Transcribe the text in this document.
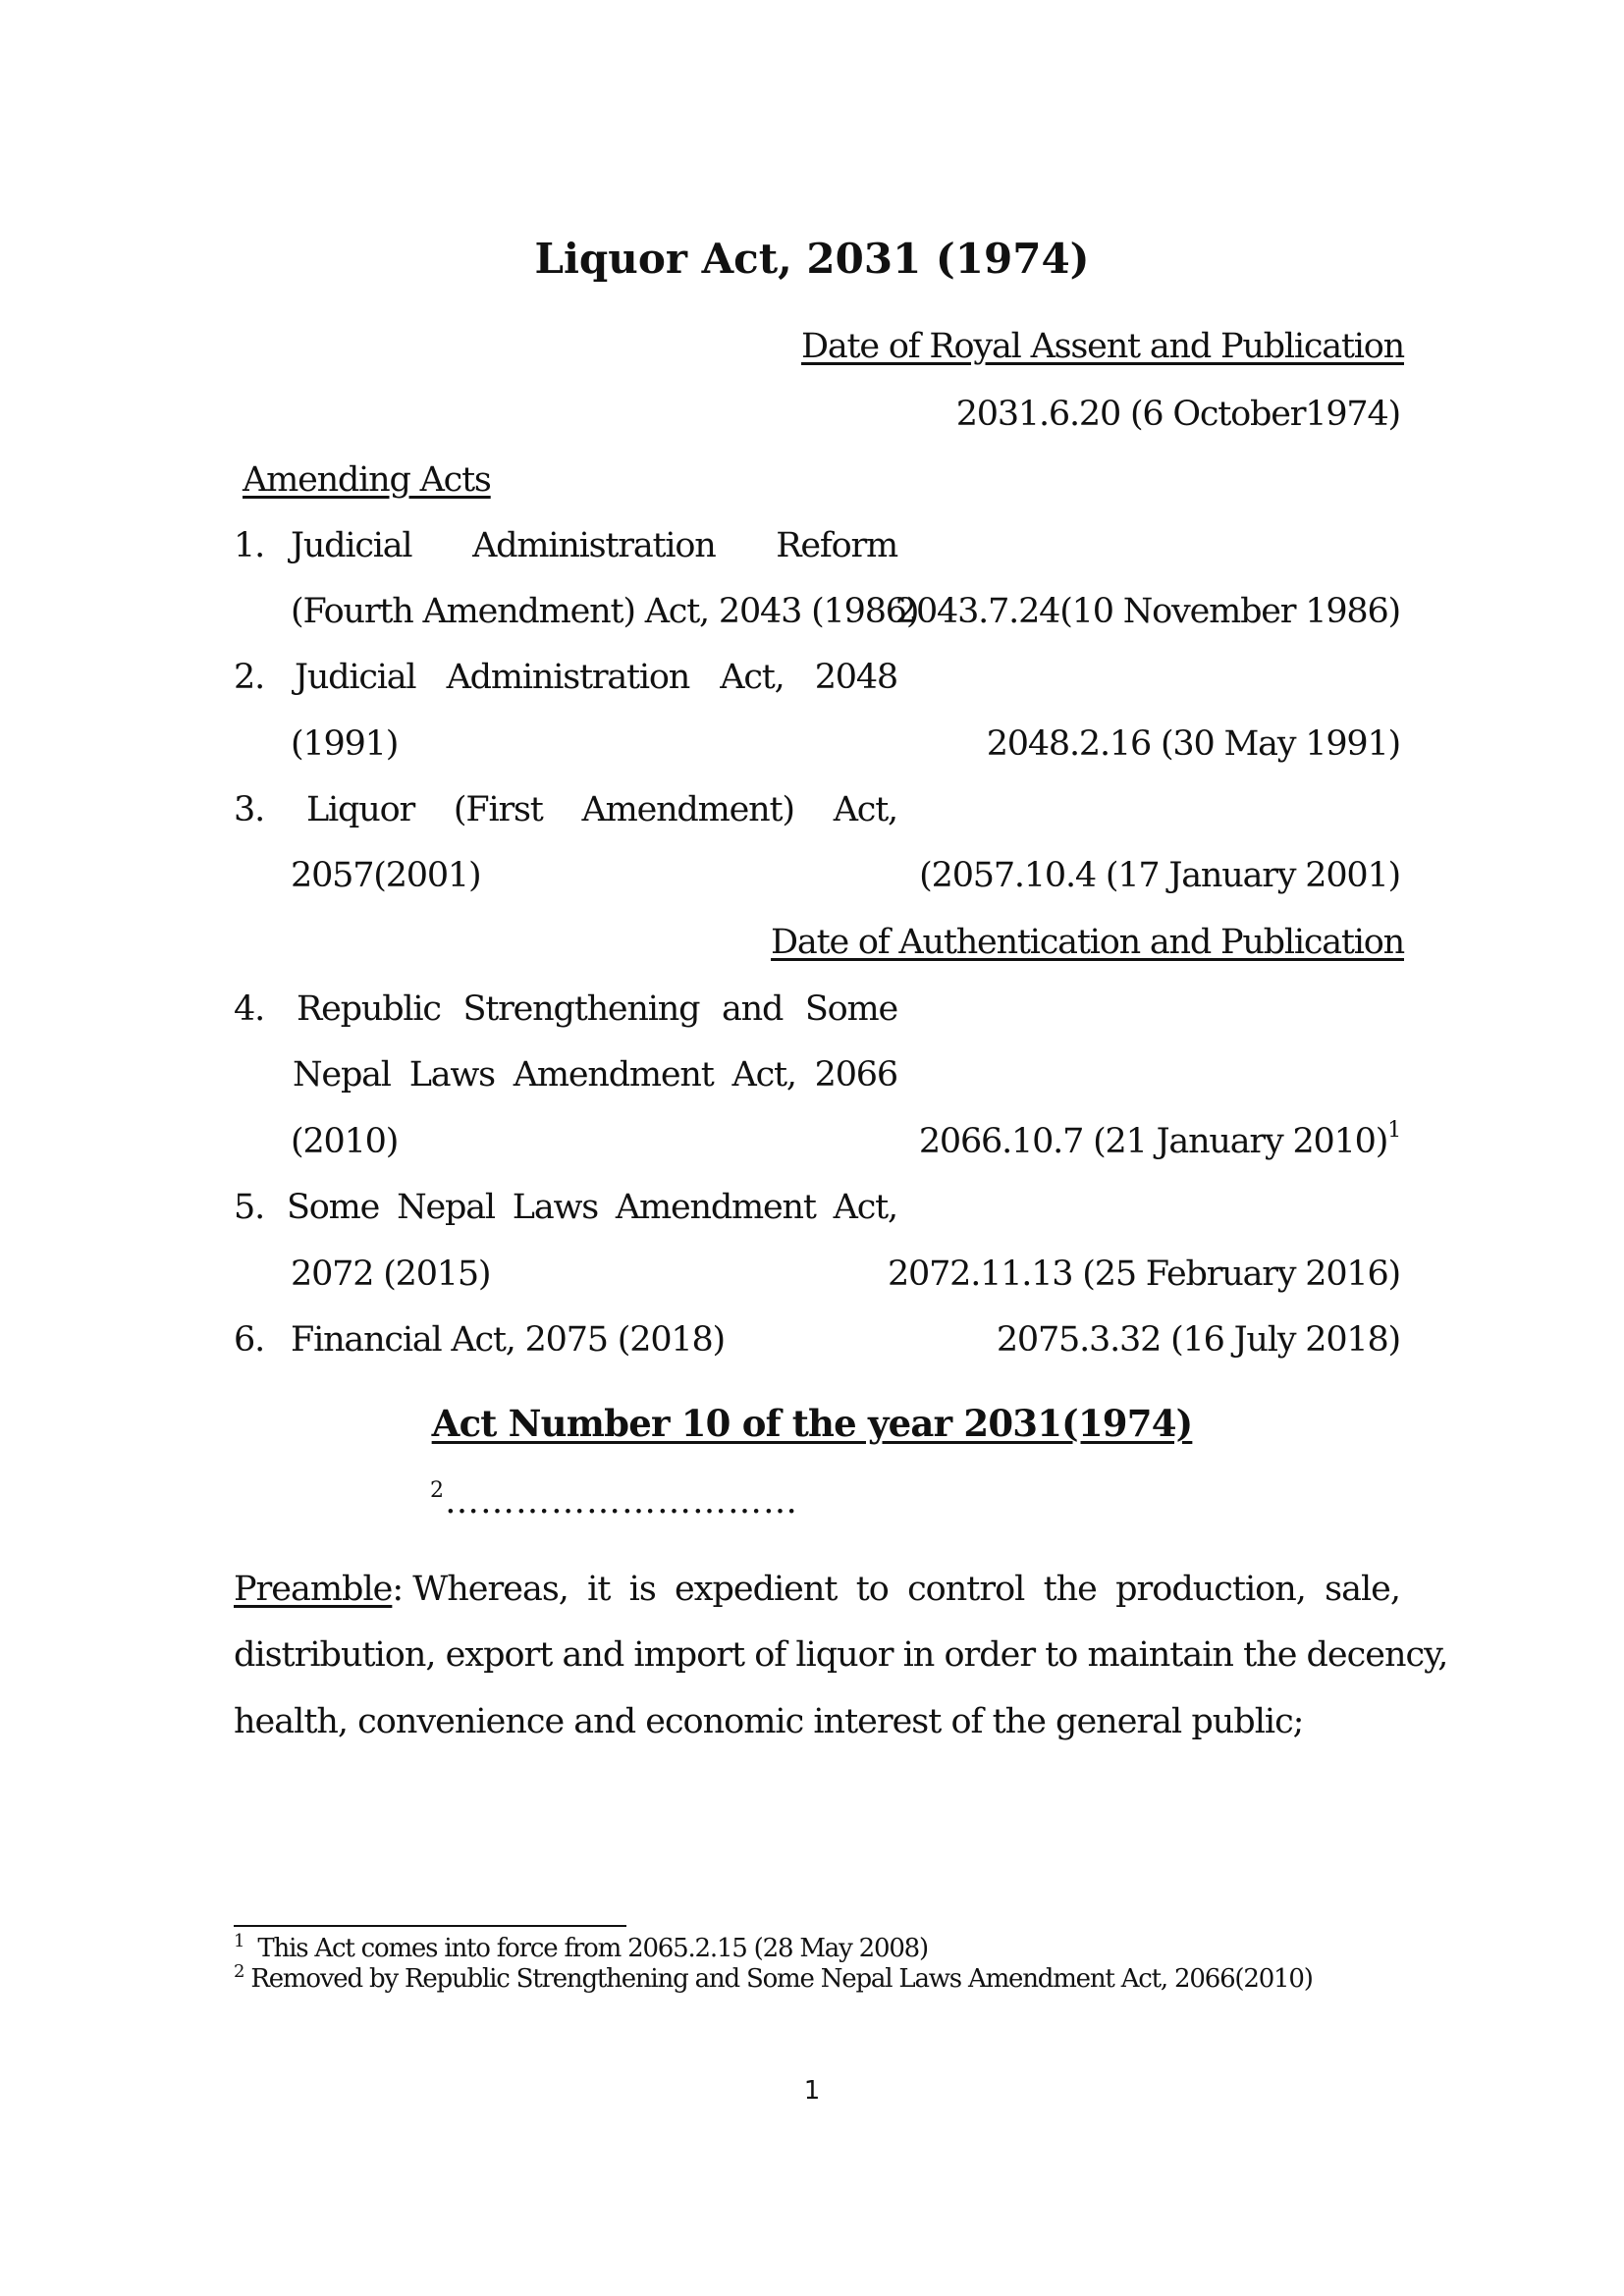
Liquor Act, 2031 (1974)
Date of Royal Assent and Publication
2031.6.20 (6 October1974)
Amending Acts
1. Judicial Administration Reform
(Fourth Amendment) Act, 2043 (1986)
2043.7.24(10 November 1986)
2. Judicial Administration Act, 2048
(1991)	2048.2.16 (30 May 1991)
3. Liquor (First Amendment) Act,
2057(2001)	(2057.10.4 (17 January 2001)
Date of Authentication and Publication
4. Republic Strengthening and Some
Nepal Laws Amendment Act, 2066
(2010)	2066.10.7 (21 January 2010)$^1$
5. Some Nepal Laws Amendment Act,
2072 (2015)	2072.11.13 (25 February 2016)
6. Financial Act, 2075 (2018)	2075.3.32 (16 July 2018)
Act Number 10 of the year 2031(1974)
$^2$…………………………
Preamble: Whereas, it is expedient to control the production, sale,
distribution, export and import of liquor in order to maintain the decency,
health, convenience and economic interest of the general public;
$^1$ This Act comes into force from 2065.2.15 (28 May 2008)
$^2$ Removed by Republic Strengthening and Some Nepal Laws Amendment Act, 2066(2010)
1
